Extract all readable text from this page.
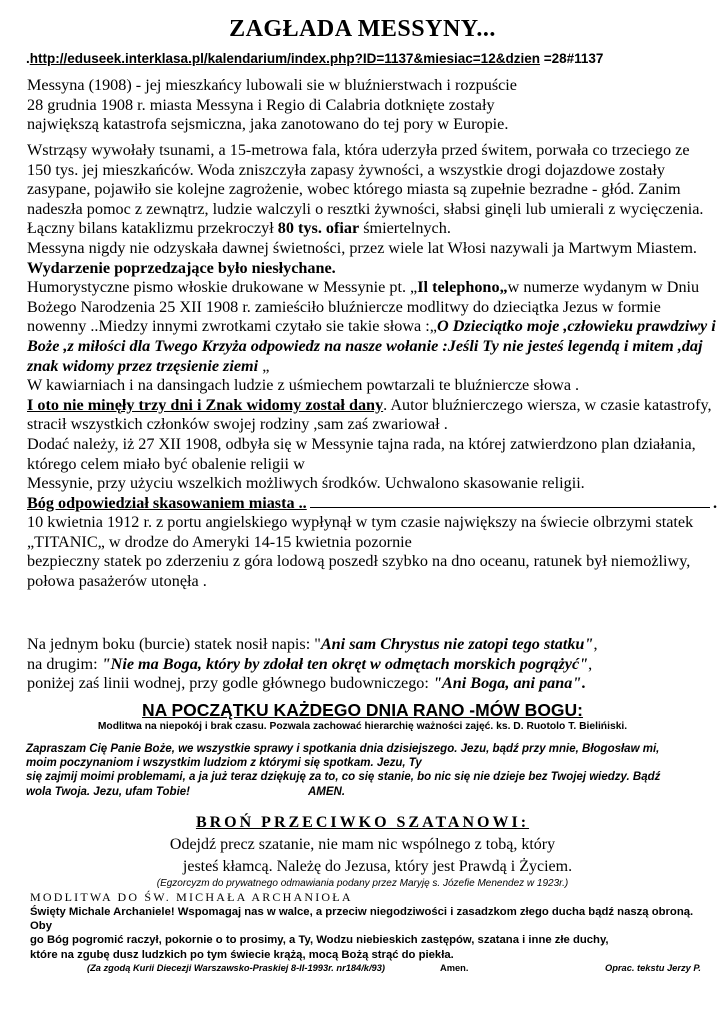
ZAGŁADA MESSYNY...
.http://eduseek.interklasa.pl/kalendarium/index.php?ID=1137&miesiac=12&dzien =28#1137
Messyna (1908) - jej mieszkańcy lubowali sie w bluźnierstwach i rozpuście
28 grudnia 1908 r. miasta Messyna i Regio di Calabria dotknięte zostały
największą katastrofa sejsmiczna, jaka zanotowano do tej pory w Europie.
Wstrząsy wywołały tsunami, a 15-metrowa fala, która uderzyła przed świtem, porwała co trzeciego ze 150 tys. jej mieszkańców. Woda zniszczyła zapasy żywności, a wszystkie drogi dojazdowe zostały zasypane, pojawiło sie kolejne zagrożenie, wobec którego miasta są zupełnie bezradne - głód. Zanim nadeszła pomoc z zewnątrz, ludzie walczyli o resztki żywności, słabsi ginęli lub umierali z wycięczenia. Łączny bilans kataklizmu przekroczył 80 tys. ofiar śmiertelnych.
Messyna nigdy nie odzyskała dawnej świetności, przez wiele lat Włosi nazywali ja Martwym Miastem.
Wydarzenie poprzedzające było niesłychane.
Humorystyczne pismo włoskie drukowane w Messynie pt. „Il telephono„w numerze wydanym w Dniu Bożego Narodzenia 25 XII 1908 r. zamieściło bluźniercze modlitwy do dzieciątka Jezus w formie nowenny ..Miedzy innymi zwrotkami czytało sie takie słowa :„O Dzieciątko moje ,człowieku prawdziwy i Boże ,z miłości dla Twego Krzyża odpowiedz na nasze wołanie :Jeśli Ty nie jesteś legendą i mitem ,daj znak widomy przez trzęsienie ziemi „
W kawiarniach i na dansingach ludzie z uśmiechem powtarzali te bluźniercze słowa .
I oto nie minęły trzy dni i Znak widomy został dany. Autor bluźnierczego wiersza, w czasie katastrofy, stracił wszystkich członków swojej rodziny ,sam zaś zwariował .
Dodać należy, iż 27 XII 1908, odbyła się w Messynie tajna rada, na której zatwierdzono plan działania, którego celem miało być obalenie religii w
Messynie, przy użyciu wszelkich możliwych środków. Uchwalono skasowanie religii.
Bóg odpowiedział skasowaniem miasta ..	.
10 kwietnia 1912 r. z portu angielskiego wypłynął w tym czasie największy na świecie olbrzymi statek „TITANIC„ w drodze do Ameryki 14-15 kwietnia pozornie
bezpieczny statek po zderzeniu z góra lodową poszedł szybko na dno oceanu, ratunek był niemożliwy, połowa pasażerów utonęła .
Na jednym boku (burcie) statek nosił napis: "Ani sam Chrystus nie zatopi tego statku",
na drugim: "Nie ma Boga, który by zdołał ten okręt w odmętach morskich pogrążyć",
poniżej zaś linii wodnej, przy godle głównego budowniczego: "Ani Boga, ani pana".
NA POCZĄTKU KAŻDEGO DNIA RANO -MÓW BOGU:
Modlitwa na niepokój i brak czasu. Pozwala zachować hierarchię ważności zajęć. ks. D. Ruotolo T. Bielińiski.
Zapraszam Cię Panie Boże, we wszystkie sprawy i spotkania dnia dzisiejszego. Jezu, bądź przy mnie, Błogosław mi,
moim poczynaniom i wszystkim ludziom z którymi się spotkam. Jezu, Ty
się zajmij moimi problemami, a ja już teraz dziękuję za to, co się stanie, bo nic się nie dzieje bez Twojej wiedzy. Bądź
wola Twoja. Jezu, ufam Tobie!	AMEN.
BROŃ PRZECIWKO SZATANOWI:
Odejdź precz szatanie, nie mam nic wspólnego z tobą, który
jesteś kłamcą. Należę do Jezusa, który jest Prawdą i Życiem.
(Egzorcyzm do prywatnego odmawiania podany przez Maryję s. Józefie Menendez w 1923r.)
MODLITWA DO ŚW. MICHAŁA ARCHANIOŁA
Święty Michale Archaniele! Wspomagaj nas w walce, a przeciw niegodziwości i zasadzkom złego ducha bądź naszą obroną. Oby
go Bóg pogromić raczył, pokornie o to prosimy, a Ty, Wodzu niebieskich zastępów, szatana i inne złe duchy,
które na zgubę dusz ludzkich po tym świecie krążą, mocą Bożą strąć do piekła.
(Za zgodą Kurii Diecezji Warszawsko-Praskiej 8-II-1993r. nr184/k/93)	Amen.	Oprac. tekstu Jerzy P.
